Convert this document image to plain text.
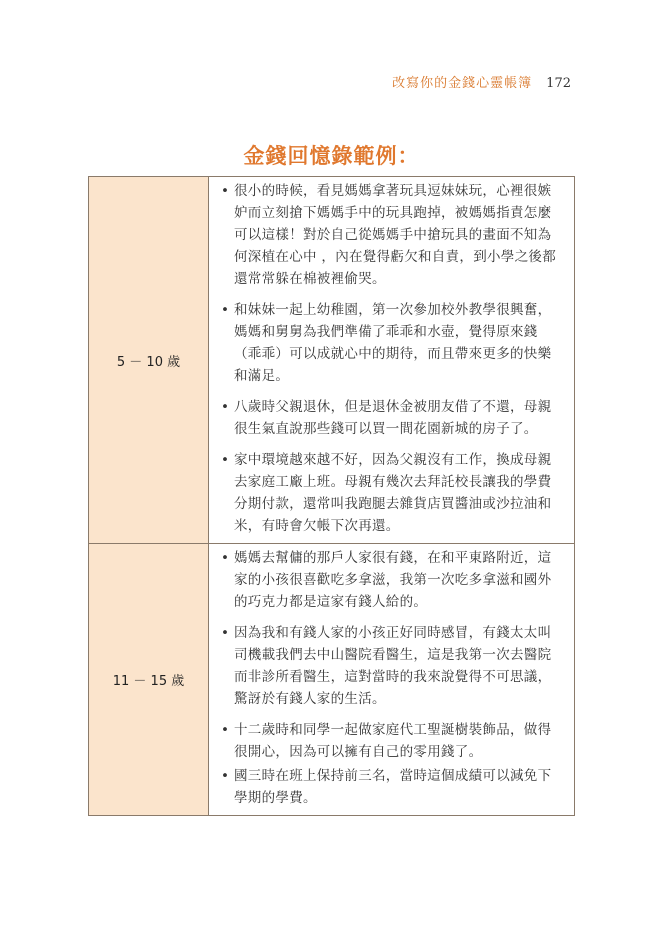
改寫你的金錢心靈帳簿 172
金錢回憶錄範例：
5 － 10 歲
• 很小的時候，看見媽媽拿著玩具逗妹妹玩，心裡很嫉妒而立刻搶下媽媽手中的玩具跑掉，被媽媽指責怎麼可以這樣！對於自己從媽媽手中搶玩具的畫面不知為何深植在心中 ，內在覺得虧欠和自責，到小學之後都還常常躲在棉被裡偷哭。
• 和妹妹一起上幼稚園，第一次參加校外教學很興奮，媽媽和舅舅為我們準備了乖乖和水壺，覺得原來錢（乖乖）可以成就心中的期待，而且帶來更多的快樂和滿足。
• 八歲時父親退休，但是退休金被朋友借了不還，母親很生氣直說那些錢可以買一間花園新城的房子了。
• 家中環境越來越不好，因為父親沒有工作，換成母親去家庭工廠上班。母親有幾次去拜託校長讓我的學費分期付款，還常叫我跑腿去雜貨店買醬油或沙拉油和米，有時會欠帳下次再還。
11 － 15 歲
• 媽媽去幫傭的那戶人家很有錢，在和平東路附近，這家的小孩很喜歡吃多拿滋，我第一次吃多拿滋和國外的巧克力都是這家有錢人給的。
• 因為我和有錢人家的小孩正好同時感冒，有錢太太叫司機載我們去中山醫院看醫生，這是我第一次去醫院而非診所看醫生，這對當時的我來說覺得不可思議，驚訝於有錢人家的生活。
• 十二歲時和同學一起做家庭代工聖誕樹裝飾品，做得很開心，因為可以擁有自己的零用錢了。
• 國三時在班上保持前三名，當時這個成績可以減免下學期的學費。
